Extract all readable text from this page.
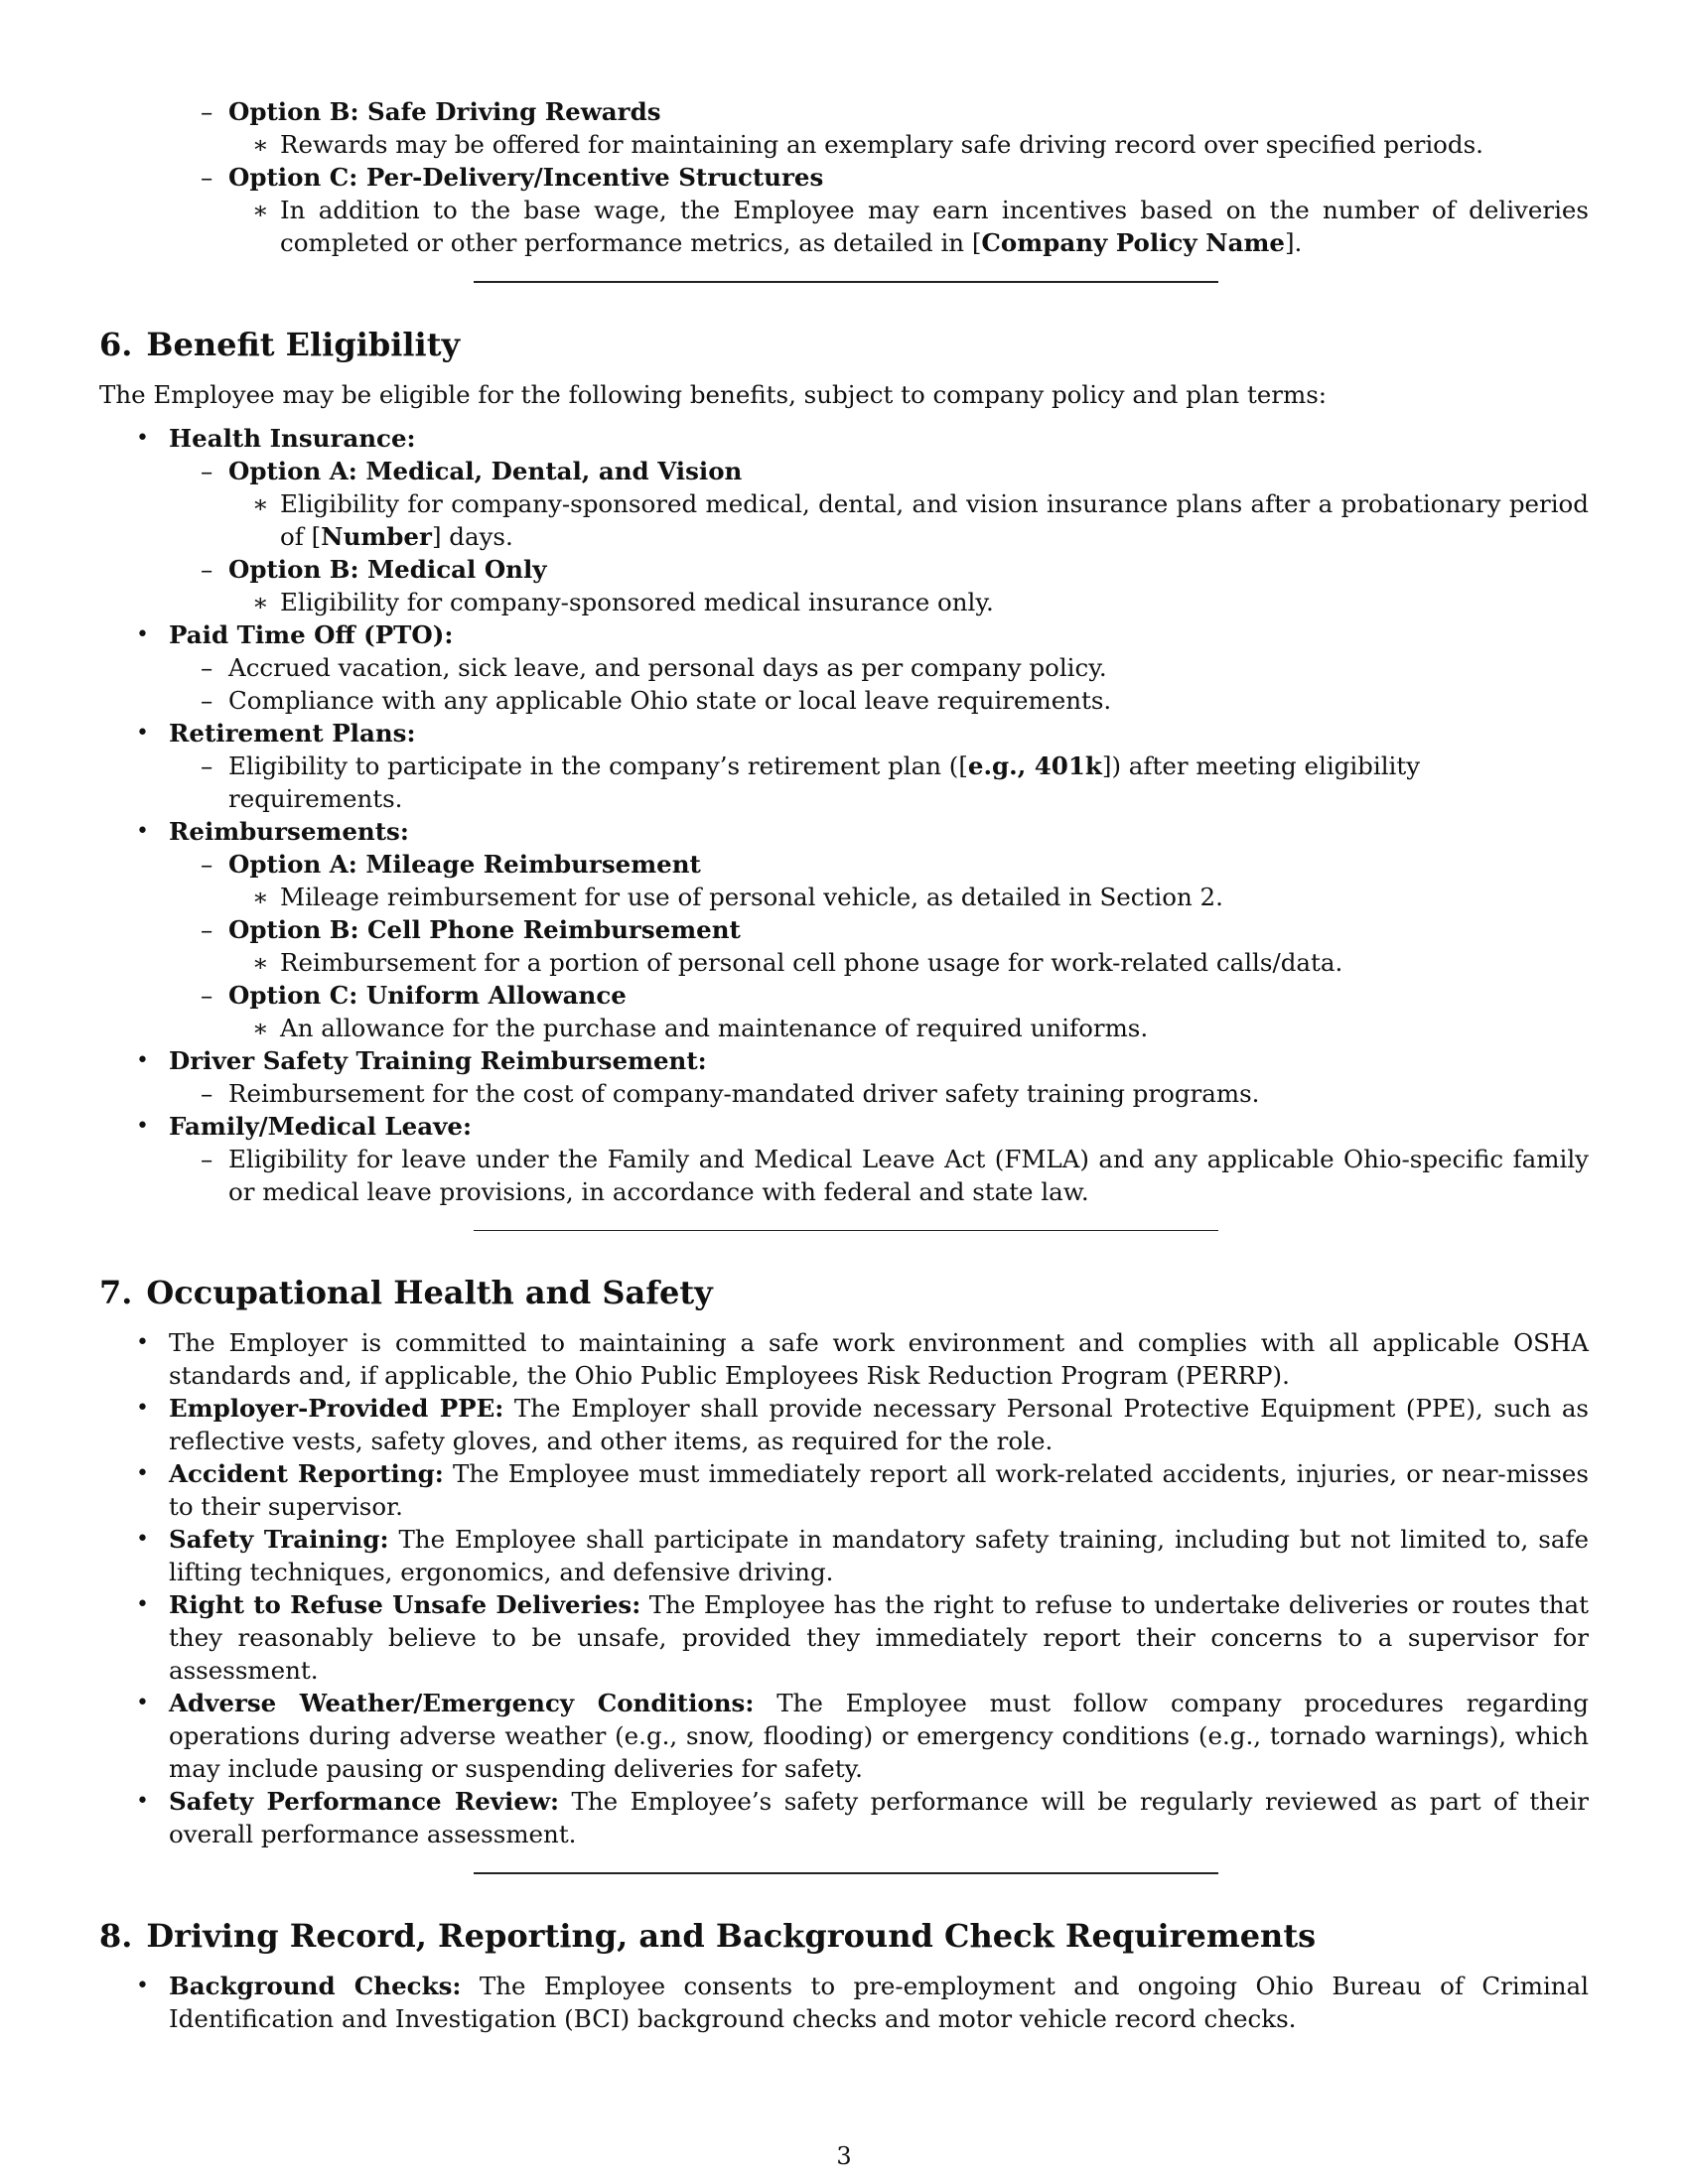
– Option B: Safe Driving Rewards
∗ Rewards may be offered for maintaining an exemplary safe driving record over specified periods.
– Option C: Per-Delivery/Incentive Structures
∗ In addition to the base wage, the Employee may earn incentives based on the number of deliveries completed or other performance metrics, as detailed in [Company Policy Name].
6. Benefit Eligibility
The Employee may be eligible for the following benefits, subject to company policy and plan terms:
• Health Insurance:
– Option A: Medical, Dental, and Vision
∗ Eligibility for company-sponsored medical, dental, and vision insurance plans after a probationary period of [Number] days.
– Option B: Medical Only
∗ Eligibility for company-sponsored medical insurance only.
• Paid Time Off (PTO):
– Accrued vacation, sick leave, and personal days as per company policy.
– Compliance with any applicable Ohio state or local leave requirements.
• Retirement Plans:
– Eligibility to participate in the company’s retirement plan ([e.g., 401k]) after meeting eligibility requirements.
• Reimbursements:
– Option A: Mileage Reimbursement
∗ Mileage reimbursement for use of personal vehicle, as detailed in Section 2.
– Option B: Cell Phone Reimbursement
∗ Reimbursement for a portion of personal cell phone usage for work-related calls/data.
– Option C: Uniform Allowance
∗ An allowance for the purchase and maintenance of required uniforms.
• Driver Safety Training Reimbursement:
– Reimbursement for the cost of company-mandated driver safety training programs.
• Family/Medical Leave:
– Eligibility for leave under the Family and Medical Leave Act (FMLA) and any applicable Ohio-specific family or medical leave provisions, in accordance with federal and state law.
7. Occupational Health and Safety
• The Employer is committed to maintaining a safe work environment and complies with all applicable OSHA standards and, if applicable, the Ohio Public Employees Risk Reduction Program (PERRP).
• Employer-Provided PPE: The Employer shall provide necessary Personal Protective Equipment (PPE), such as reflective vests, safety gloves, and other items, as required for the role.
• Accident Reporting: The Employee must immediately report all work-related accidents, injuries, or near-misses to their supervisor.
• Safety Training: The Employee shall participate in mandatory safety training, including but not limited to, safe lifting techniques, ergonomics, and defensive driving.
• Right to Refuse Unsafe Deliveries: The Employee has the right to refuse to undertake deliveries or routes that they reasonably believe to be unsafe, provided they immediately report their concerns to a supervisor for assessment.
• Adverse Weather/Emergency Conditions: The Employee must follow company procedures regarding operations during adverse weather (e.g., snow, flooding) or emergency conditions (e.g., tornado warnings), which may include pausing or suspending deliveries for safety.
• Safety Performance Review: The Employee’s safety performance will be regularly reviewed as part of their overall performance assessment.
8. Driving Record, Reporting, and Background Check Requirements
• Background Checks: The Employee consents to pre-employment and ongoing Ohio Bureau of Criminal Identification and Investigation (BCI) background checks and motor vehicle record checks.
3
